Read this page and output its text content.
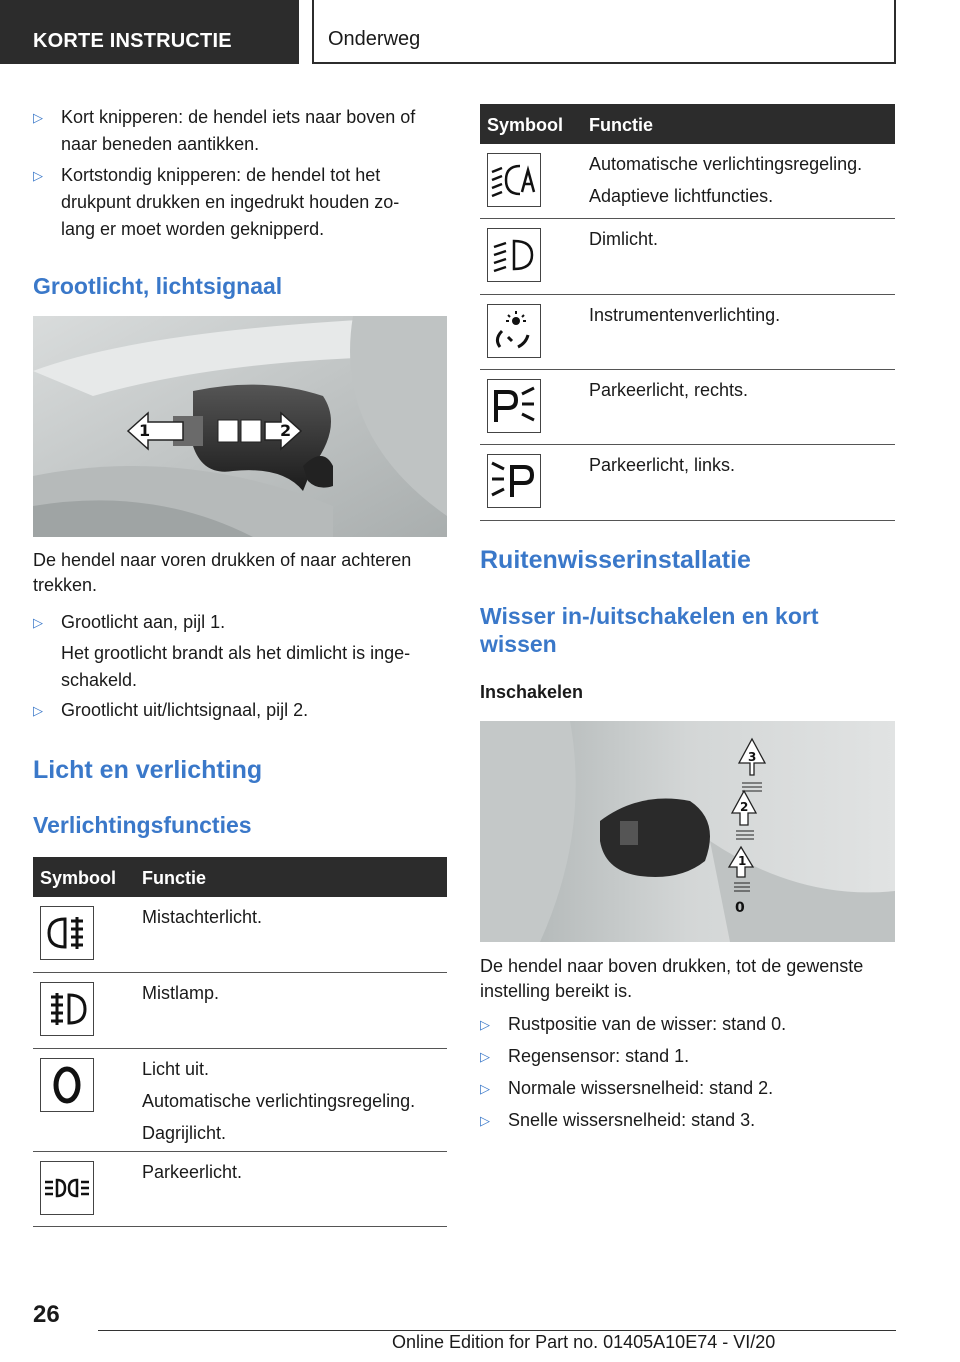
KORTE INSTRUCTIE	Onderweg
▷ Kort knipperen: de hendel iets naar boven of
naar beneden aantikken.
▷ Kortstondig knipperen: de hendel tot het
drukpunt drukken en ingedrukt houden zo-
lang er moet worden geknipperd.
Grootlicht, lichtsignaal
1	2
De hendel naar voren drukken of naar achteren
trekken.
▷ Grootlicht aan, pijl 1.
Het grootlicht brandt als het dimlicht is inge-
schakeld.
▷ Grootlicht uit/lichtsignaal, pijl 2.
Licht en verlichting
Verlichtingsfuncties
Symbool Functie
Mistachterlicht.
Mistlamp.
Licht uit.
Automatische verlichtingsregeling.
Dagrijlicht.
Parkeerlicht.
Symbool Functie
Automatische verlichtingsregeling.
Adaptieve lichtfuncties.
Dimlicht.
Instrumentenverlichting.
Parkeerlicht, rechts.
Parkeerlicht, links.
Ruitenwisserinstallatie
Wisser in-/uitschakelen en kort
wissen
Inschakelen
3
2
1
0
De hendel naar boven drukken, tot de gewenste
instelling bereikt is.
▷ Rustpositie van de wisser: stand 0.
▷ Regensensor: stand 1.
▷ Normale wissersnelheid: stand 2.
▷ Snelle wissersnelheid: stand 3.
26
Online Edition for Part no. 01405A10E74 - VI/20
